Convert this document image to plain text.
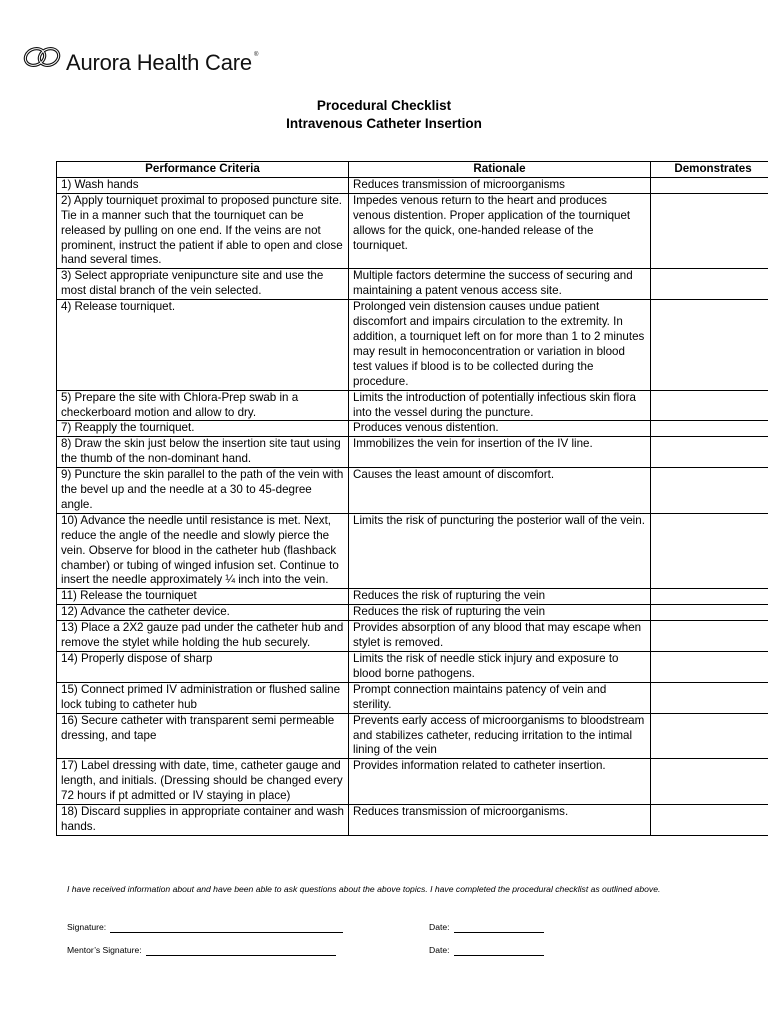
Aurora Health Care ®
Procedural Checklist
Intravenous Catheter Insertion
Performance Criteria	Rationale	Demonstrates
1) Wash hands	Reduces transmission of microorganisms	
2) Apply tourniquet proximal to proposed puncture site. Tie in a manner such that the tourniquet can be released by pulling on one end. If the veins are not prominent, instruct the patient if able to open and close hand several times.	Impedes venous return to the heart and produces venous distention. Proper application of the tourniquet allows for the quick, one-handed release of the tourniquet.	
3) Select appropriate venipuncture site and use the most distal branch of the vein selected.	Multiple factors determine the success of securing and maintaining a patent venous access site.	
4) Release tourniquet.	Prolonged vein distension causes undue patient discomfort and impairs circulation to the extremity. In addition, a tourniquet left on for more than 1 to 2 minutes may result in hemoconcentration or variation in blood test values if blood is to be collected during the procedure.	
5) Prepare the site with Chlora-Prep swab in a checkerboard motion and allow to dry.	Limits the introduction of potentially infectious skin flora into the vessel during the puncture.	
7) Reapply the tourniquet.	Produces venous distention.	
8) Draw the skin just below the insertion site taut using the thumb of the non-dominant hand.	Immobilizes the vein for insertion of the IV line.	
9) Puncture the skin parallel to the path of the vein with the bevel up and the needle at a 30 to 45-degree angle.	Causes the least amount of discomfort.	
10) Advance the needle until resistance is met. Next, reduce the angle of the needle and slowly pierce the vein. Observe for blood in the catheter hub (flashback chamber) or tubing of winged infusion set. Continue to insert the needle approximately ¼ inch into the vein.	Limits the risk of puncturing the posterior wall of the vein.	
11) Release the tourniquet	Reduces the risk of rupturing the vein	
12) Advance the catheter device.	Reduces the risk of rupturing the vein	
13) Place a 2X2 gauze pad under the catheter hub and remove the stylet while holding the hub securely.	Provides absorption of any blood that may escape when stylet is removed.	
14) Properly dispose of sharp	Limits the risk of needle stick injury and exposure to blood borne pathogens.	
15) Connect primed IV administration or flushed saline lock tubing to catheter hub	Prompt connection maintains patency of vein and sterility.	
16) Secure catheter with transparent semi permeable dressing, and tape	Prevents early access of microorganisms to bloodstream and stabilizes catheter, reducing irritation to the intimal lining of the vein	
17) Label dressing with date, time, catheter gauge and length, and initials. (Dressing should be changed every 72 hours if pt admitted or IV staying in place)	Provides information related to catheter insertion.	
18) Discard supplies in appropriate container and wash hands.	Reduces transmission of microorganisms.	
I have received information about and have been able to ask questions about the above topics. I have completed the procedural checklist as outlined above.
Signature:	Date:
Mentor’s Signature:	Date:
